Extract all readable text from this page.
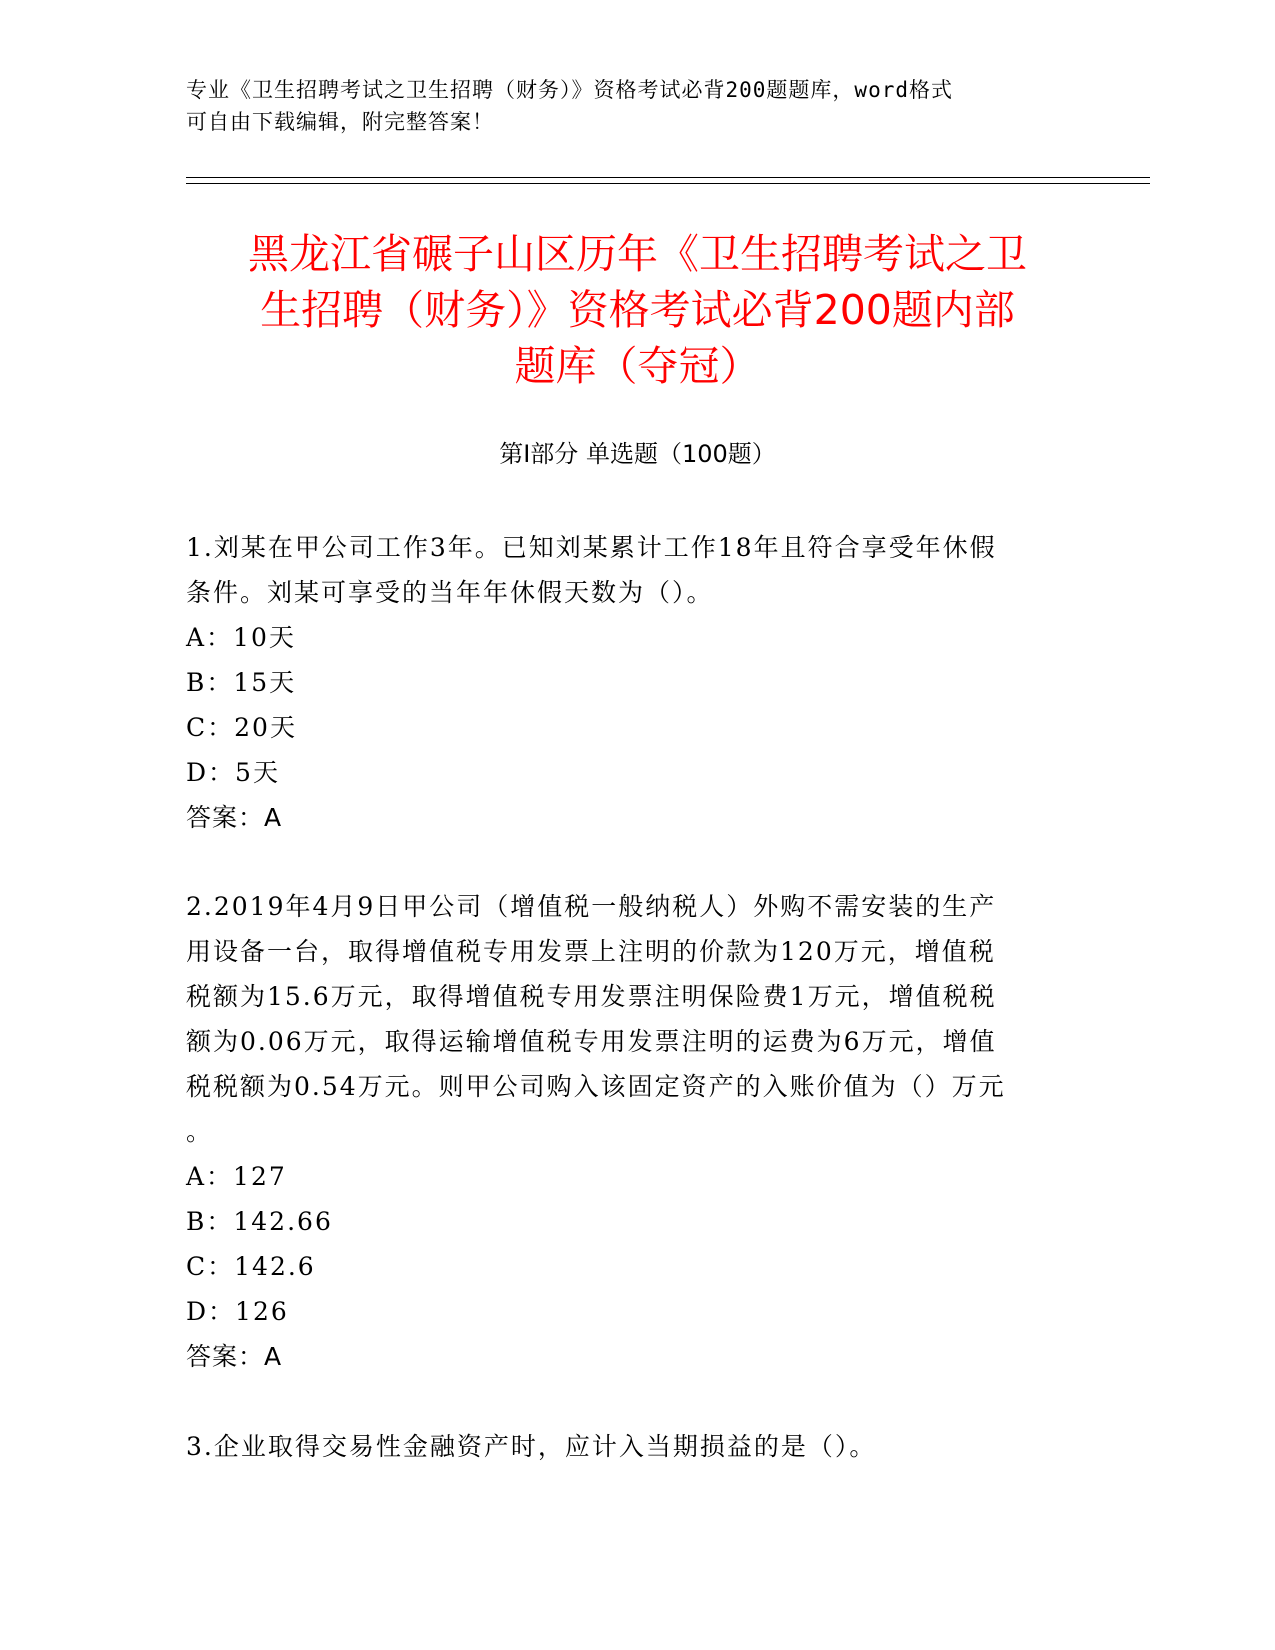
专业《卫生招聘考试之卫生招聘（财务）》资格考试必背200题题库，word格式
可自由下载编辑，附完整答案！
黑龙江省碾子山区历年《卫生招聘考试之卫
生招聘（财务）》资格考试必背200题内部
题库（夺冠）
第Ⅰ部分 单选题（100题）

1.刘某在甲公司工作3年。已知刘某累计工作18年且符合享受年休假

条件。刘某可享受的当年年休假天数为（）。

A：10天

B：15天

C：20天

D：5天

答案：A

2.2019年4月9日甲公司（增值税一般纳税人）外购不需安装的生产

用设备一台，取得增值税专用发票上注明的价款为120万元，增值税

税额为15.6万元，取得增值税专用发票注明保险费1万元，增值税税

额为0.06万元，取得运输增值税专用发票注明的运费为6万元，增值

税税额为0.54万元。则甲公司购入该固定资产的入账价值为（）万元

。

A：127

B：142.66

C：142.6

D：126

答案：A

3.企业取得交易性金融资产时，应计入当期损益的是（）。
